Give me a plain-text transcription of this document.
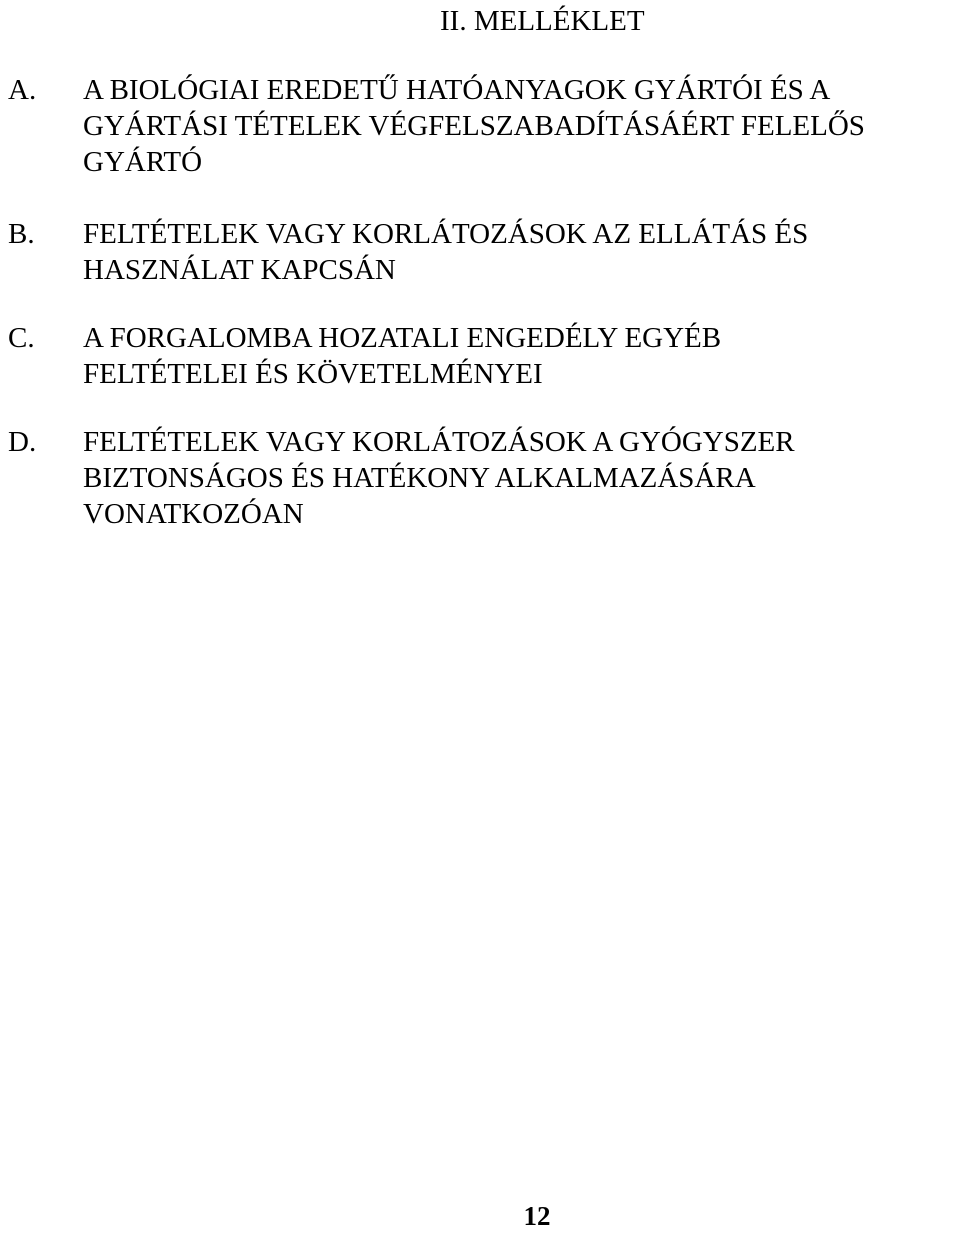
II. MELLÉKLET
A. A BIOLÓGIAI EREDETŰ HATÓANYAGOK GYÁRTÓI ÉS A
GYÁRTÁSI TÉTELEK VÉGFELSZABADÍTÁSÁÉRT FELELŐS
GYÁRTÓ
B. FELTÉTELEK VAGY KORLÁTOZÁSOK AZ ELLÁTÁS ÉS
HASZNÁLAT KAPCSÁN
C. A FORGALOMBA HOZATALI ENGEDÉLY EGYÉB
FELTÉTELEI ÉS KÖVETELMÉNYEI
D. FELTÉTELEK VAGY KORLÁTOZÁSOK A GYÓGYSZER
BIZTONSÁGOS ÉS HATÉKONY ALKALMAZÁSÁRA
VONATKOZÓAN
12
